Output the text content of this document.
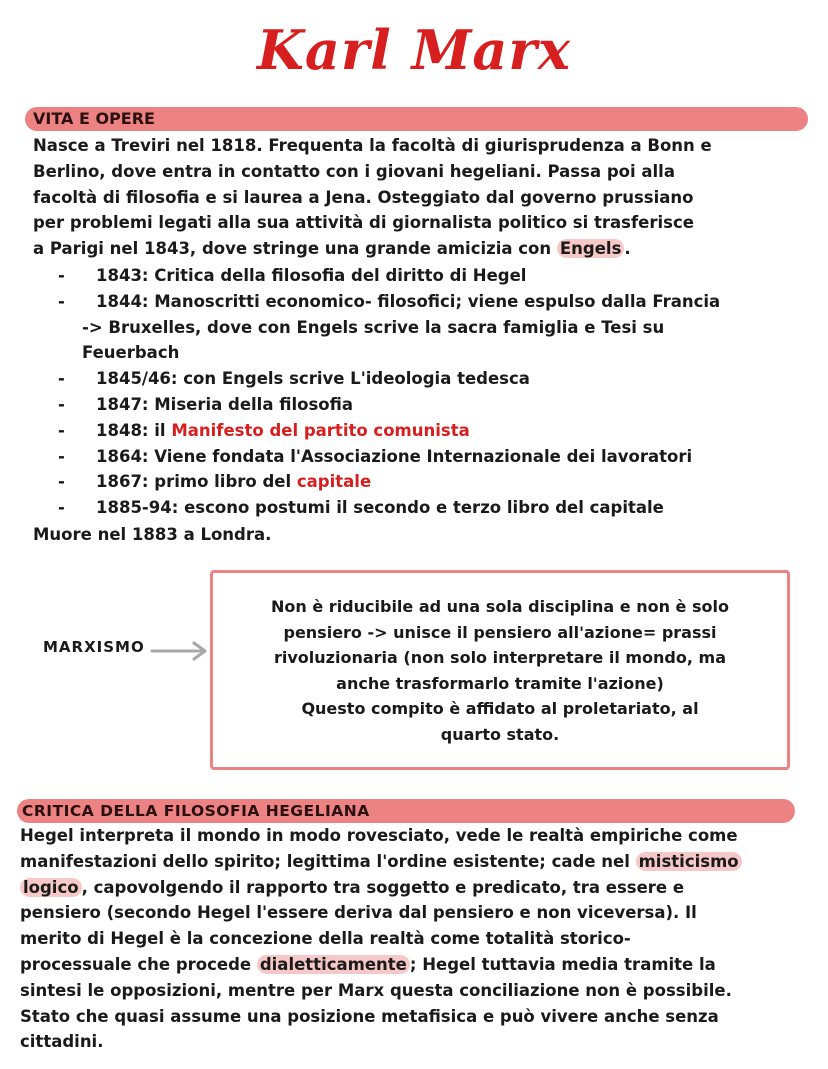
Karl Marx
VITA E OPERE
Nasce a Treviri nel 1818. Frequenta la facoltà di giurisprudenza a Bonn e
Berlino, dove entra in contatto con i giovani hegeliani. Passa poi alla
facoltà di filosofia e si laurea a Jena. Osteggiato dal governo prussiano
per problemi legati alla sua attività di giornalista politico si trasferisce
a Parigi nel 1843, dove stringe una grande amicizia con Engels .
- 1843: Critica della filosofia del diritto di Hegel
- 1844: Manoscritti economico- filosofici; viene espulso dalla Francia
-> Bruxelles, dove con Engels scrive la sacra famiglia e Tesi su
Feuerbach
- 1845/46: con Engels scrive L'ideologia tedesca
- 1847: Miseria della filosofia
- 1848: il Manifesto del partito comunista
- 1864: Viene fondata l'Associazione Internazionale dei lavoratori
- 1867: primo libro del capitale
- 1885-94: escono postumi il secondo e terzo libro del capitale
Muore nel 1883 a Londra.
MARXISMO
Non è riducibile ad una sola disciplina e non è solo
pensiero -> unisce il pensiero all'azione= prassi
rivoluzionaria (non solo interpretare il mondo, ma
anche trasformarlo tramite l'azione)
Questo compito è affidato al proletariato, al
quarto stato.
CRITICA DELLA FILOSOFIA HEGELIANA
Hegel interpreta il mondo in modo rovesciato, vede le realtà empiriche come
manifestazioni dello spirito; legittima l'ordine esistente; cade nel misticismo
logico , capovolgendo il rapporto tra soggetto e predicato, tra essere e
pensiero (secondo Hegel l'essere deriva dal pensiero e non viceversa). Il
merito di Hegel è la concezione della realtà come totalità storico-
processuale che procede dialetticamente ; Hegel tuttavia media tramite la
sintesi le opposizioni, mentre per Marx questa conciliazione non è possibile.
Stato che quasi assume una posizione metafisica e può vivere anche senza
cittadini.
